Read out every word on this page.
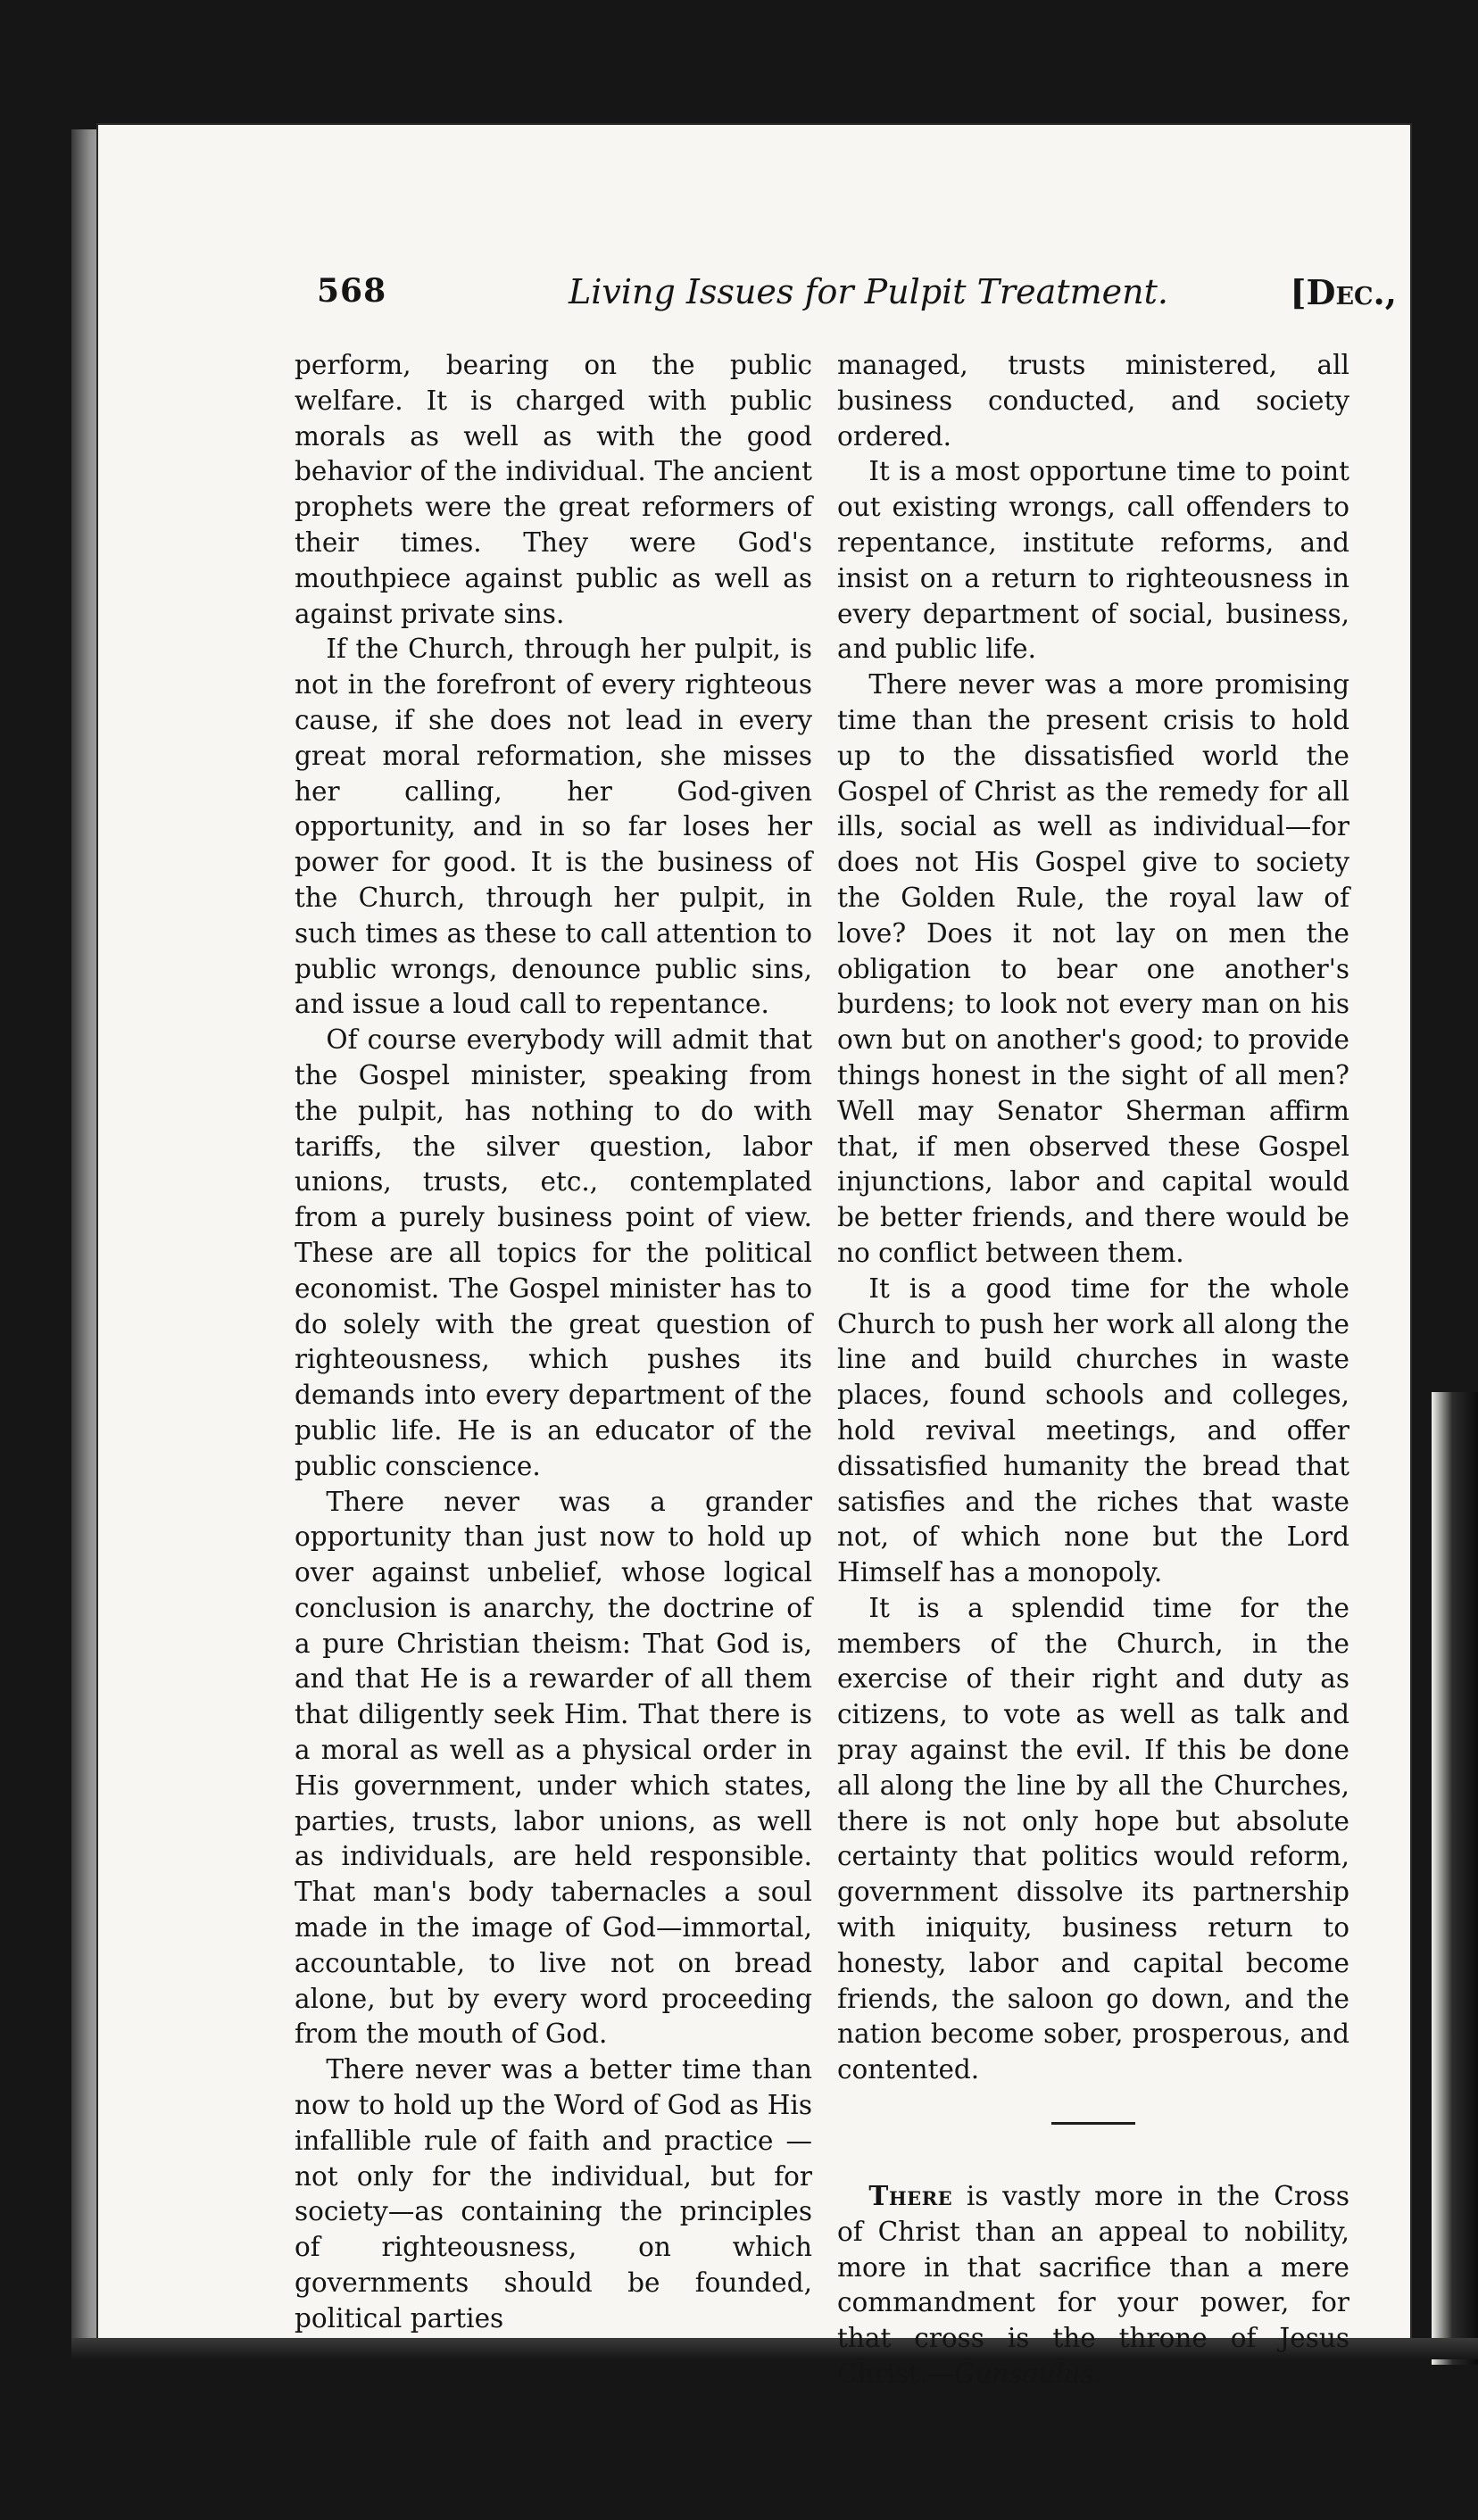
568	Living Issues for Pulpit Treatment.	[Dec.,

perform, bearing on the public welfare. It is charged with public morals as well as with the good behavior of the individual. The ancient prophets were the great reformers of their times. They were God's mouthpiece against public as well as against private sins.

If the Church, through her pulpit, is not in the forefront of every righteous cause, if she does not lead in every great moral reformation, she misses her calling, her God-given opportunity, and in so far loses her power for good. It is the business of the Church, through her pulpit, in such times as these to call attention to public wrongs, denounce public sins, and issue a loud call to repentance.

Of course everybody will admit that the Gospel minister, speaking from the pulpit, has nothing to do with tariffs, the silver question, labor unions, trusts, etc., contemplated from a purely business point of view. These are all topics for the political economist. The Gospel minister has to do solely with the great question of righteousness, which pushes its demands into every department of the public life. He is an educator of the public conscience.

There never was a grander opportunity than just now to hold up over against unbelief, whose logical conclusion is anarchy, the doctrine of a pure Christian theism: That God is, and that He is a rewarder of all them that diligently seek Him. That there is a moral as well as a physical order in His government, under which states, parties, trusts, labor unions, as well as individuals, are held responsible. That man's body tabernacles a soul made in the image of God—immortal, accountable, to live not on bread alone, but by every word proceeding from the mouth of God.

There never was a better time than now to hold up the Word of God as His infallible rule of faith and practice —not only for the individual, but for society—as containing the principles of righteousness, on which governments should be founded, political parties

managed, trusts ministered, all business conducted, and society ordered.

It is a most opportune time to point out existing wrongs, call offenders to repentance, institute reforms, and insist on a return to righteousness in every department of social, business, and public life.

There never was a more promising time than the present crisis to hold up to the dissatisfied world the Gospel of Christ as the remedy for all ills, social as well as individual—for does not His Gospel give to society the Golden Rule, the royal law of love? Does it not lay on men the obligation to bear one another's burdens; to look not every man on his own but on another's good; to provide things honest in the sight of all men? Well may Senator Sherman affirm that, if men observed these Gospel injunctions, labor and capital would be better friends, and there would be no conflict between them.

It is a good time for the whole Church to push her work all along the line and build churches in waste places, found schools and colleges, hold revival meetings, and offer dissatisfied humanity the bread that satisfies and the riches that waste not, of which none but the Lord Himself has a monopoly.

It is a splendid time for the members of the Church, in the exercise of their right and duty as citizens, to vote as well as talk and pray against the evil. If this be done all along the line by all the Churches, there is not only hope but absolute certainty that politics would reform, government dissolve its partnership with iniquity, business return to honesty, labor and capital become friends, the saloon go down, and the nation become sober, prosperous, and contented.

There is vastly more in the Cross of Christ than an appeal to nobility, more in that sacrifice than a mere commandment for your power, for that cross is the throne of Jesus Christ.—Gunsaulus.
